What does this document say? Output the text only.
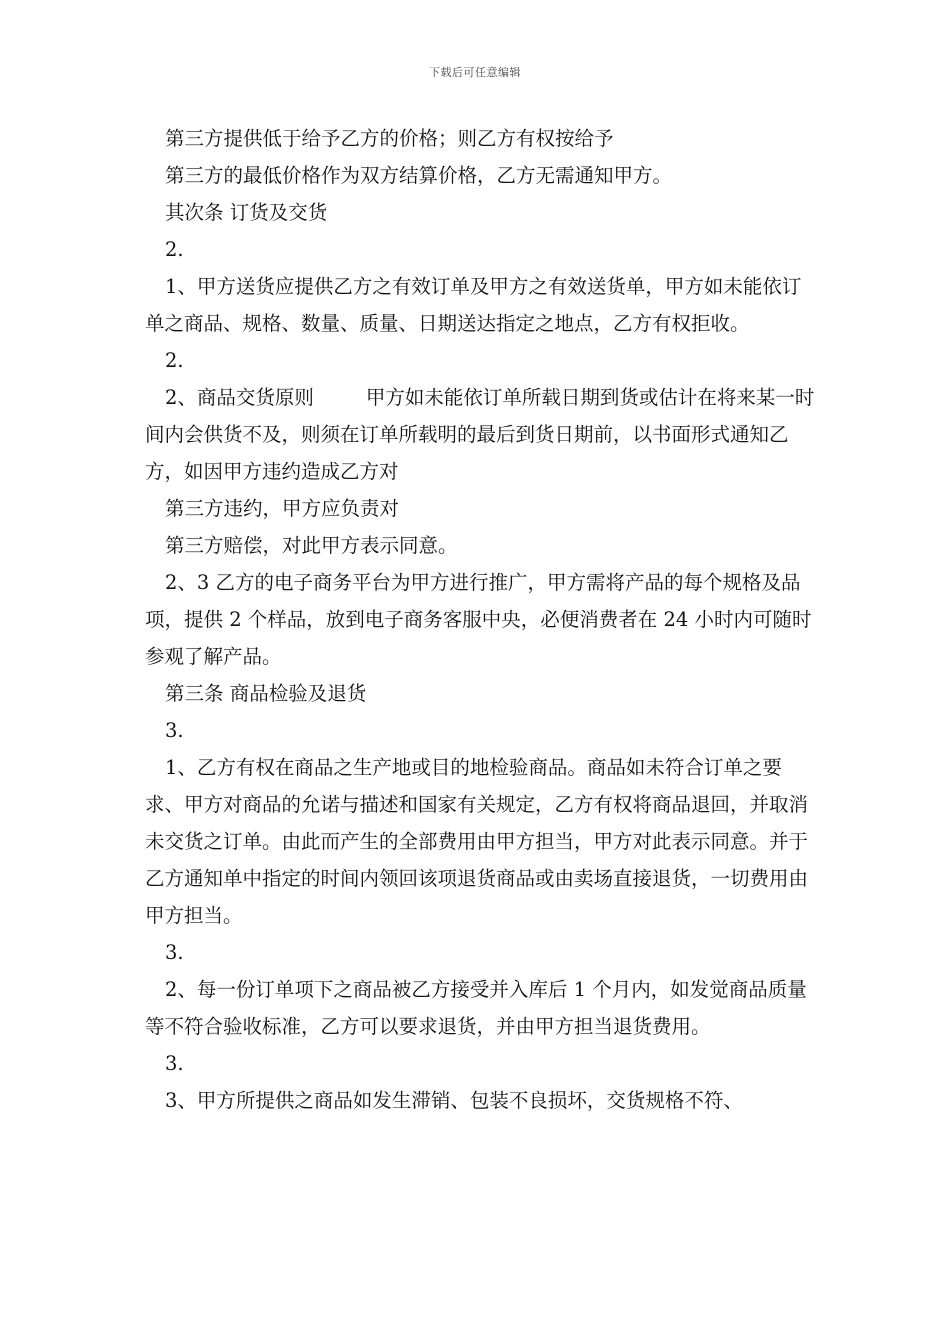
下载后可任意编辑

第三方提供低于给予乙方的价格；则乙方有权按给予

第三方的最低价格作为双方结算价格，乙方无需通知甲方。

其次条 订货及交货

2.

1、甲方送货应提供乙方之有效订单及甲方之有效送货单，甲方如未能依订单之商品、规格、数量、质量、日期送达指定之地点，乙方有权拒收。

2.

2、商品交货原则	甲方如未能依订单所载日期到货或估计在将来某一时间内会供货不及，则须在订单所载明的最后到货日期前，以书面形式通知乙方，如因甲方违约造成乙方对

第三方违约，甲方应负责对

第三方赔偿，对此甲方表示同意。

2、3 乙方的电子商务平台为甲方进行推广，甲方需将产品的每个规格及品项，提供 2 个样品，放到电子商务客服中央，必便消费者在 24 小时内可随时参观了解产品。

第三条 商品检验及退货

3.

1、乙方有权在商品之生产地或目的地检验商品。商品如未符合订单之要求、甲方对商品的允诺与描述和国家有关规定，乙方有权将商品退回，并取消未交货之订单。由此而产生的全部费用由甲方担当，甲方对此表示同意。并于乙方通知单中指定的时间内领回该项退货商品或由卖场直接退货，一切费用由甲方担当。

3.

2、每一份订单项下之商品被乙方接受并入库后 1 个月内，如发觉商品质量等不符合验收标准，乙方可以要求退货，并由甲方担当退货费用。

3.

3、甲方所提供之商品如发生滞销、包装不良损坏，交货规格不符、
